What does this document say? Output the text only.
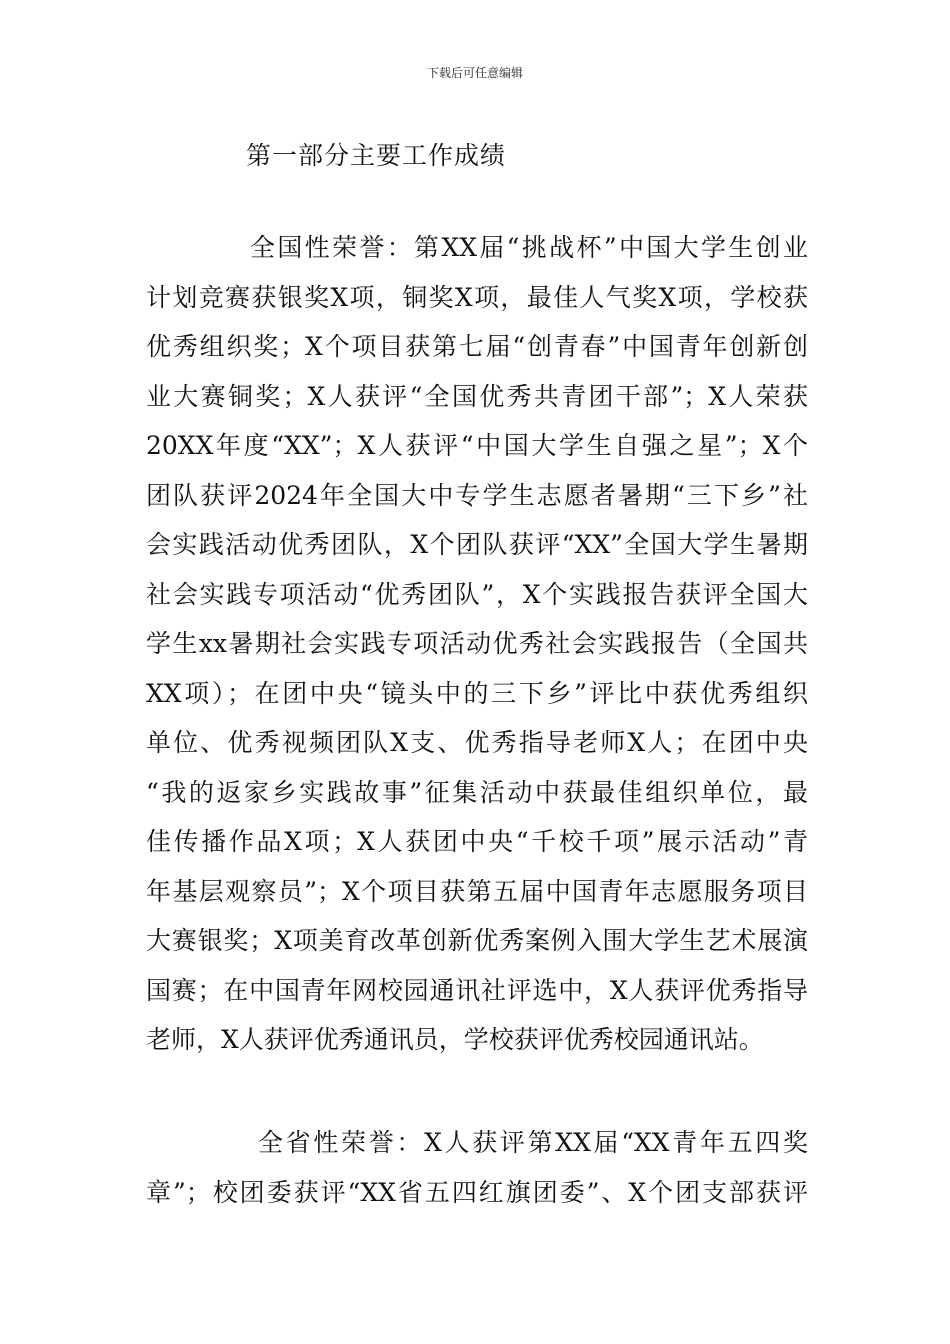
下载后可任意编辑
第一部分主要工作成绩

全国性荣誉：第XX届“挑战杯”中国大学生创业
计划竞赛获银奖X项，铜奖X项，最佳人气奖X项，学校获
优秀组织奖；X个项目获第七届“创青春”中国青年创新创
业大赛铜奖；X人获评“全国优秀共青团干部”；X人荣获
20XX年度“XX”；X人获评“中国大学生自强之星”；X个
团队获评2024年全国大中专学生志愿者暑期“三下乡”社
会实践活动优秀团队，X个团队获评“XX”全国大学生暑期
社会实践专项活动“优秀团队”，X个实践报告获评全国大
学生xx暑期社会实践专项活动优秀社会实践报告（全国共
XX项）；在团中央“镜头中的三下乡”评比中获优秀组织
单位、优秀视频团队X支、优秀指导老师X人；在团中央
“我的返家乡实践故事”征集活动中获最佳组织单位，最
佳传播作品X项；X人获团中央“千校千项”展示活动”青
年基层观察员”；X个项目获第五届中国青年志愿服务项目
大赛银奖；X项美育改革创新优秀案例入围大学生艺术展演
国赛；在中国青年网校园通讯社评选中，X人获评优秀指导
老师，X人获评优秀通讯员，学校获评优秀校园通讯站。

全省性荣誉：X人获评第XX届“XX青年五四奖
章”；校团委获评“XX省五四红旗团委”、X个团支部获评
